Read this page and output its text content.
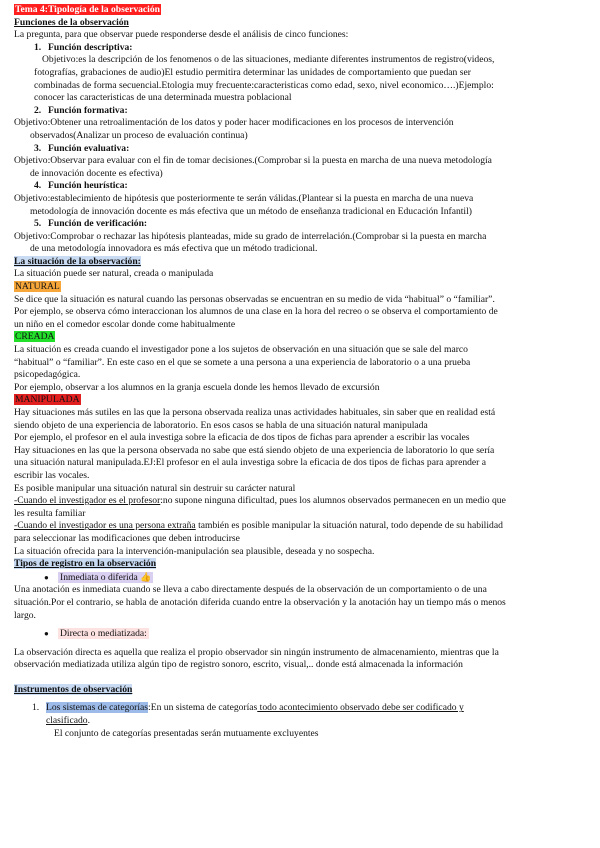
Tema 4:Tipología de la observación

Funciones de la observación

La pregunta, para que observar puede responderse desde el análisis de cinco funciones:

1. Función descriptiva:

Objetivo:es la descripción de los fenomenos o de las situaciones, mediante diferentes instrumentos de registro(videos,

fotografías, grabaciones de audio)El estudio permitira determinar las unidades de comportamiento que puedan ser

combinadas de forma secuencial.Etologia muy frecuente:caracteristicas como edad, sexo, nivel economico….)Ejemplo:

conocer las caracteristicas de una determinada muestra poblacional

2. Función formativa:

Objetivo:Obtener una retroalimentación de los datos y poder hacer modificaciones en los procesos de intervención

observados(Analizar un proceso de evaluación continua)

3. Función evaluativa:

Objetivo:Observar para evaluar con el fin de tomar decisiones.(Comprobar si la puesta en marcha de una nueva metodología

de innovación docente es efectiva)

4. Función heurística:

Objetivo:establecimiento de hipótesis que posteriormente te serán válidas.(Plantear si la puesta en marcha de una nueva

metodología de innovación docente es más efectiva que un método de enseñanza tradicional en Educación Infantil)

5. Función de verificación:

Objetivo:Comprobar o rechazar las hipótesis planteadas, mide su grado de interrelación.(Comprobar si la puesta en marcha

de una metodología innovadora es más efectiva que un método tradicional.

La situación de la observación:

La situación puede ser natural, creada o manipulada

NATURAL

Se dice que la situación es natural cuando las personas observadas se encuentran en su medio de vida “habitual” o “familiar”.

Por ejemplo, se observa cómo interaccionan los alumnos de una clase en la hora del recreo o se observa el comportamiento de

un niño en el comedor escolar donde come habitualmente

CREADA

La situación es creada cuando el investigador pone a los sujetos de observación en una situación que se sale del marco

“habitual” o “familiar”. En este caso en el que se somete a una persona a una experiencia de laboratorio o a una prueba

psicopedagógica.

Por ejemplo, observar a los alumnos en la granja escuela donde les hemos llevado de excursión

MANIPULADA

Hay situaciones más sutiles en las que la persona observada realiza unas actividades habituales, sin saber que en realidad está

siendo objeto de una experiencia de laboratorio. En esos casos se habla de una situación natural manipulada

Por ejemplo, el profesor en el aula investiga sobre la eficacia de dos tipos de fichas para aprender a escribir las vocales

Hay situaciones en las que la persona observada no sabe que está siendo objeto de una experiencia de laboratorio lo que sería

una situación natural manipulada.EJ:El profesor en el aula investiga sobre la eficacia de dos tipos de fichas para aprender a

escribir las vocales.

Es posible manipular una situación natural sin destruir su carácter natural

-Cuando el investigador es el profesor:no supone ninguna dificultad, pues los alumnos observados permanecen en un medio que

les resulta familiar

-Cuando el investigador es una persona extraña también es posible manipular la situación natural, todo depende de su habilidad

para seleccionar las modificaciones que deben introducirse

La situación ofrecida para la intervención-manipulación sea plausible, deseada y no sospecha.

Tipos de registro en la observación

● Inmediata o diferida 👍

Una anotación es inmediata cuando se lleva a cabo directamente después de la observación de un comportamiento o de una

situación.Por el contrario, se habla de anotación diferida cuando entre la observación y la anotación hay un tiempo más o menos

largo.

● Directa o mediatizada:

La observación directa es aquella que realiza el propio observador sin ningún instrumento de almacenamiento, mientras que la

observación mediatizada utiliza algún tipo de registro sonoro, escrito, visual,.. donde está almacenada la información

Instrumentos de observación

1. Los sistemas de categorías:En un sistema de categorías todo acontecimiento observado debe ser codificado y

clasificado.

El conjunto de categorías presentadas serán mutuamente excluyentes
